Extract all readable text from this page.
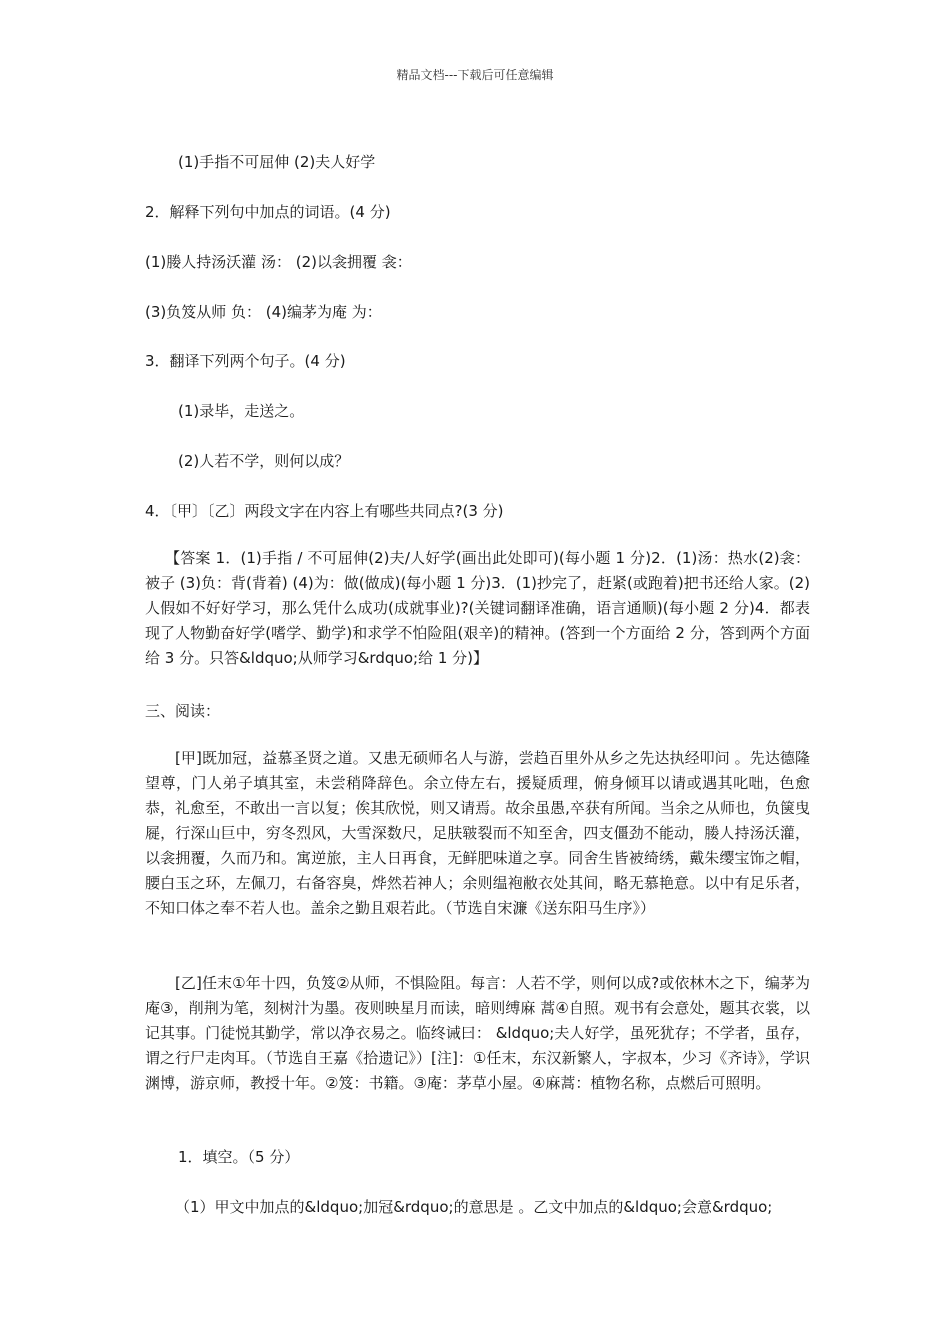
精品文档---下载后可任意编辑
(1)手指不可屈伸 (2)夫人好学
2．解释下列句中加点的词语。(4 分)
(1)媵人持汤沃灌 汤： (2)以衾拥覆 衾：
(3)负笈从师 负： (4)编茅为庵 为：
3．翻译下列两个句子。(4 分)
(1)录毕，走送之。
(2)人若不学，则何以成？
4．〔甲〕〔乙〕两段文字在内容上有哪些共同点?(3 分)

【答案 1．(1)手指 / 不可屈伸(2)夫/人好学(画出此处即可)(每小题 1 分)2．(1)汤：热水(2)衾：被子 (3)负：背(背着) (4)为：做(做成)(每小题 1 分)3．(1)抄完了，赶紧(或跑着)把书还给人家。(2)人假如不好好学习，那么凭什么成功(成就事业)?(关键词翻译准确，语言通顺)(每小题 2 分)4．都表现了人物勤奋好学(嗜学、勤学)和求学不怕险阻(艰辛)的精神。(答到一个方面给 2 分，答到两个方面给 3 分。只答&ldquo;从师学习&rdquo;给 1 分)】

三、阅读：

[甲]既加冠，益慕圣贤之道。又患无硕师名人与游，尝趋百里外从乡之先达执经叩问 。先达德隆望尊，门人弟子填其室，未尝稍降辞色。余立侍左右，援疑质理，俯身倾耳以请或遇其叱咄，色愈恭，礼愈至，不敢出一言以复；俟其欣悦，则又请焉。故余虽愚,卒获有所闻。当余之从师也，负箧曳屣，行深山巨中，穷冬烈风，大雪深数尺，足肤皲裂而不知至舍，四支僵劲不能动，媵人持汤沃灌，以衾拥覆，久而乃和。寓逆旅，主人日再食，无鲜肥味道之享。同舍生皆被绮绣，戴朱缨宝饰之帽，腰白玉之环，左佩刀，右备容臭，烨然若神人；余则缊袍敝衣处其间，略无慕艳意。以中有足乐者，不知口体之奉不若人也。盖余之勤且艰若此。（节选自宋濂《送东阳马生序》）

[乙]任末①年十四，负笈②从师，不惧险阻。每言：人若不学，则何以成?或依林木之下，编茅为庵③，削荆为笔，刻树汁为墨。夜则映星月而读，暗则缚麻 蒿④自照。观书有会意处，题其衣裳，以记其事。门徒悦其勤学，常以净衣易之。临终诫曰： &ldquo;夫人好学，虽死犹存；不学者，虽存，谓之行尸走肉耳。（节选自王嘉《拾遗记》）[注]：①任末，东汉新繁人，字叔本，少习《齐诗》，学识渊博，游京师，教授十年。②笈：书籍。③庵：茅草小屋。④麻蒿：植物名称，点燃后可照明。

1．填空。（5 分）
（1）甲文中加点的&ldquo;加冠&rdquo;的意思是 。乙文中加点的&ldquo;会意&rdquo;
